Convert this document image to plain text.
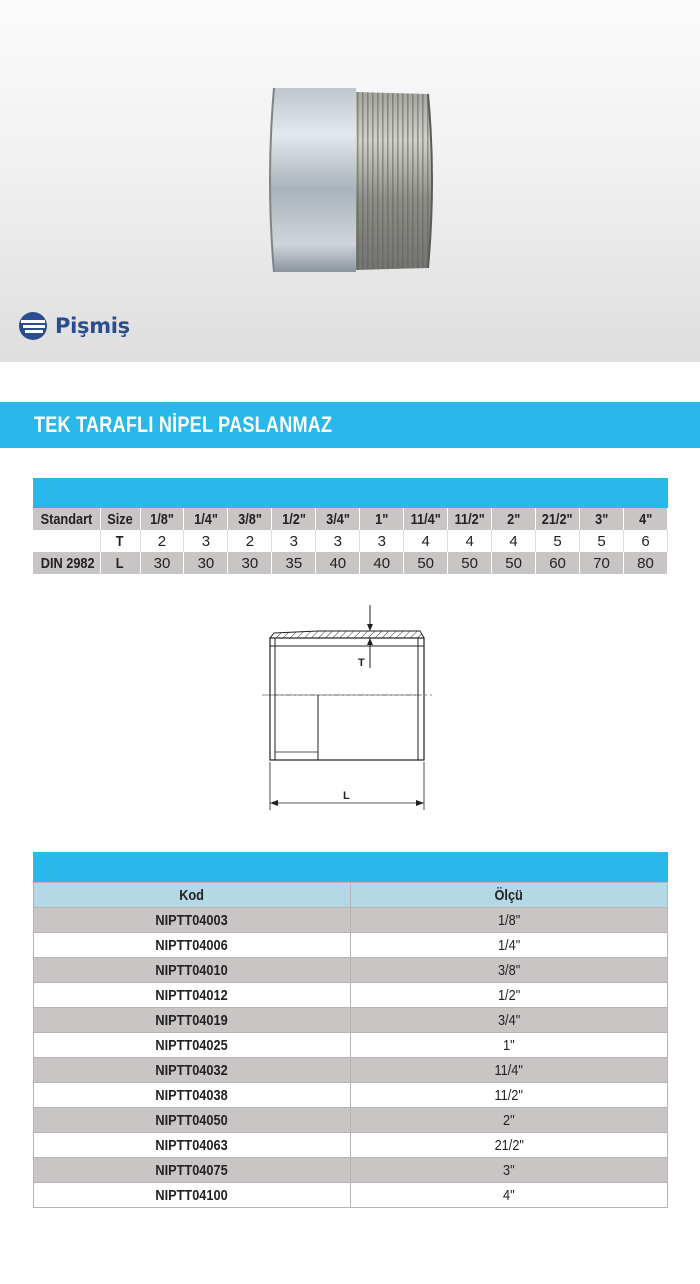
Pişmiş
TEK TARAFLI NİPEL PASLANMAZ
Standart	Size	1/8"	1/4"	3/8"	1/2"	3/4"	1"	11/4"	11/2"	2"	21/2"	3"	4"
	T	2	3	2	3	3	3	4	4	4	5	5	6
DIN 2982	L	30	30	30	35	40	40	50	50	50	60	70	80
T
L
Kod	Ölçü
NIPTT04003	1/8"
NIPTT04006	1/4"
NIPTT04010	3/8"
NIPTT04012	1/2"
NIPTT04019	3/4"
NIPTT04025	1"
NIPTT04032	11/4"
NIPTT04038	11/2"
NIPTT04050	2"
NIPTT04063	21/2"
NIPTT04075	3"
NIPTT04100	4"
